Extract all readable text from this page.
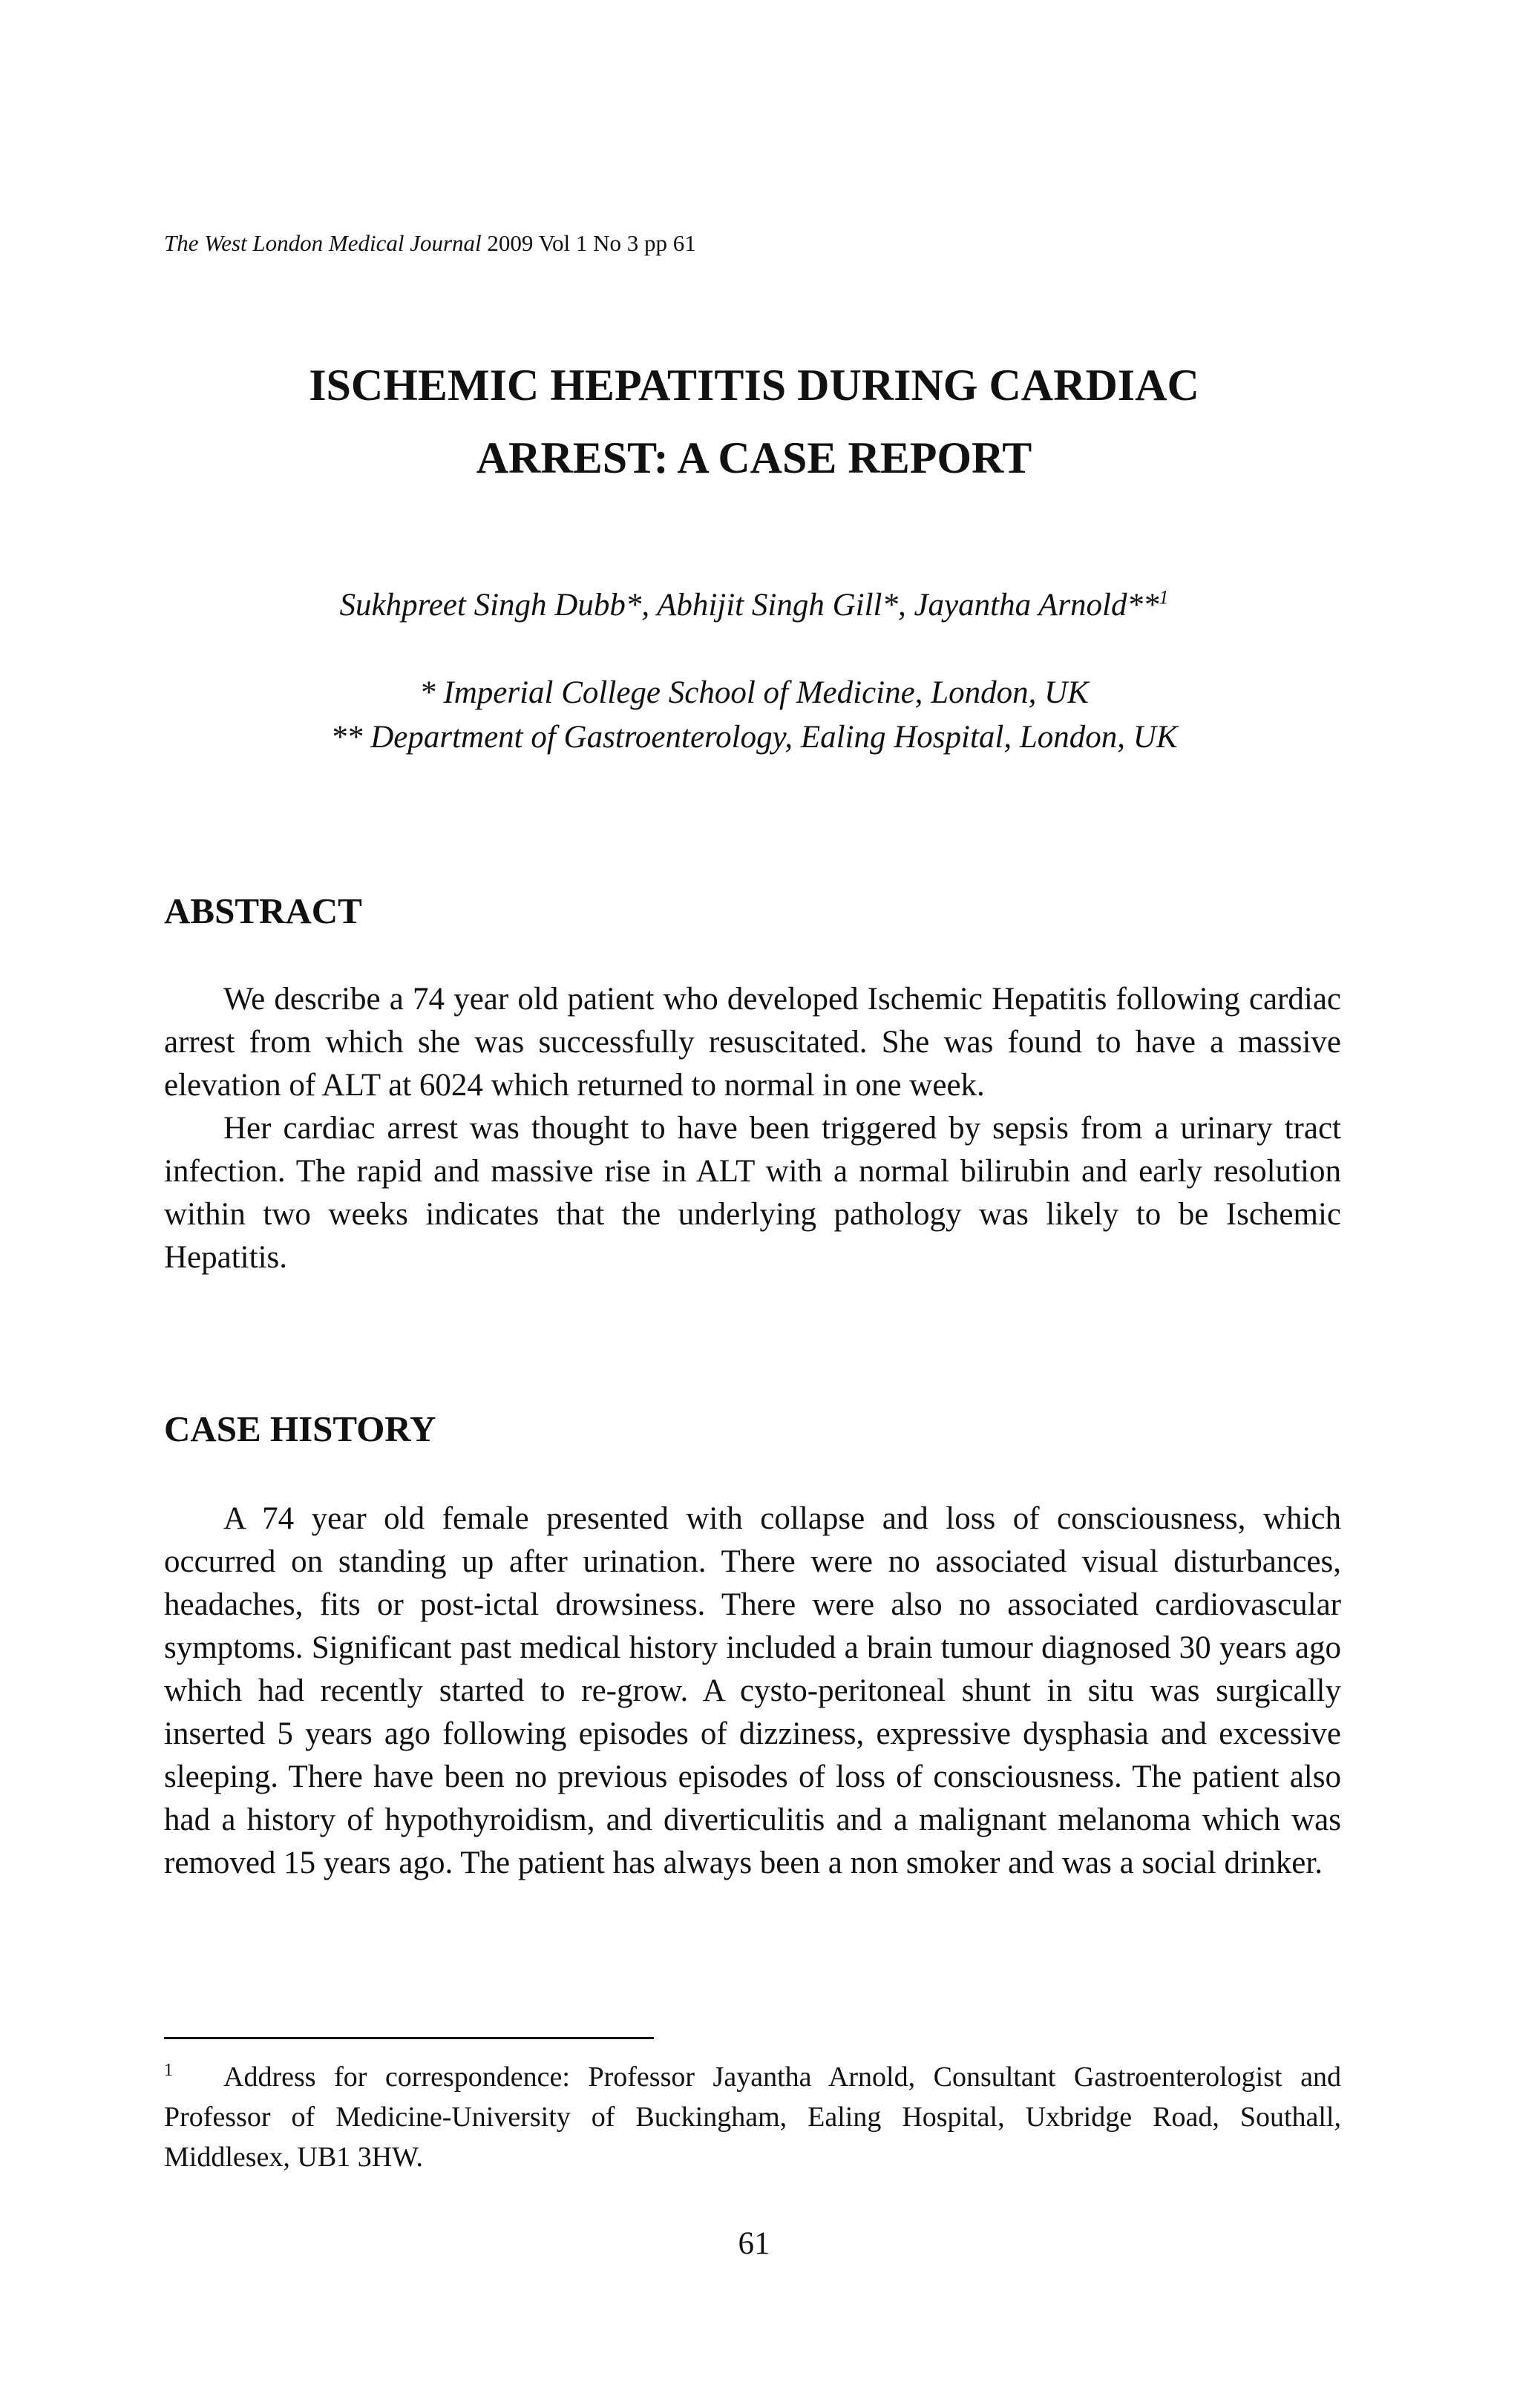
The West London Medical Journal 2009 Vol 1 No 3 pp 61
ISCHEMIC HEPATITIS DURING CARDIAC
ARREST: A CASE REPORT
Sukhpreet Singh Dubb*, Abhijit Singh Gill*, Jayantha Arnold**$^1$
* Imperial College School of Medicine, London, UK
** Department of Gastroenterology, Ealing Hospital, London, UK
ABSTRACT

We describe a 74 year old patient who developed Ischemic Hepatitis following cardiac arrest from which she was successfully resuscitated. She was found to have a massive elevation of ALT at 6024 which returned to normal in one week.

Her cardiac arrest was thought to have been triggered by sepsis from a urinary tract infection. The rapid and massive rise in ALT with a normal bilirubin and early resolution within two weeks indicates that the underlying pathology was likely to be Ischemic Hepatitis.

CASE HISTORY

A 74 year old female presented with collapse and loss of consciousness, which occurred on standing up after urination. There were no associated visual disturbances, headaches, fits or post-ictal drowsiness. There were also no associated cardiovascular symptoms. Significant past medical history included a brain tumour diagnosed 30 years ago which had recently started to re-grow. A cysto-peritoneal shunt in situ was surgically inserted 5 years ago following episodes of dizziness, expressive dysphasia and excessive sleeping. There have been no previous episodes of loss of consciousness. The patient also had a history of hypothyroidism, and diverticulitis and a malignant melanoma which was removed 15 years ago. The patient has always been a non smoker and was a social drinker.

1 Address for correspondence: Professor Jayantha Arnold, Consultant Gastroenterologist and Professor of Medicine-University of Buckingham, Ealing Hospital, Uxbridge Road, Southall, Middlesex, UB1 3HW.

61
